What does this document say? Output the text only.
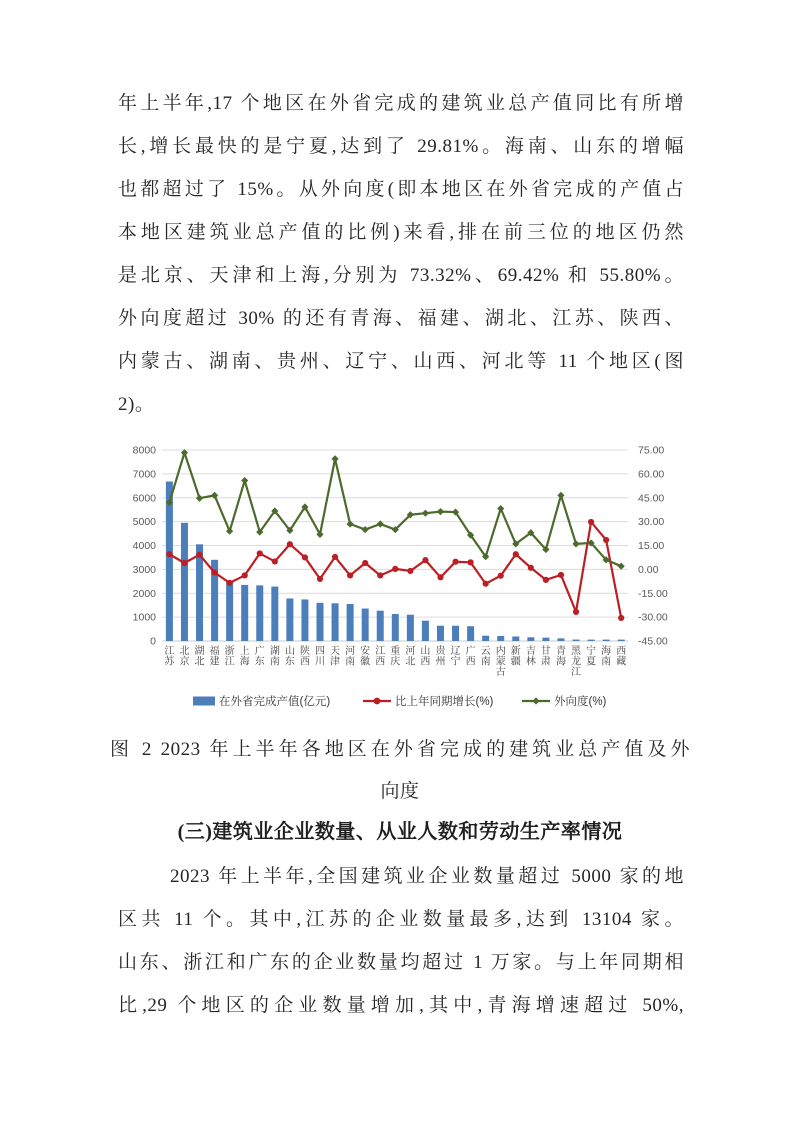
年上半年,17 个地区在外省完成的建筑业总产值同比有所增
长,增长最快的是宁夏,达到了 29.81%。海南、山东的增幅
也都超过了 15%。从外向度(即本地区在外省完成的产值占
本地区建筑业总产值的比例)来看,排在前三位的地区仍然
是北京、天津和上海,分别为 73.32%、69.42% 和 55.80%。
外向度超过 30% 的还有青海、福建、湖北、江苏、陕西、
内蒙古、湖南、贵州、辽宁、山西、河北等 11 个地区(图
2)。
0
1000
2000
3000
4000
5000
6000
7000
8000	75.00
60.00
45.00
30.00
15.00
0.00
-15.00
-30.00
-45.00
江苏
北京
湖北
福建
浙江
上海
广东
湖南
山东
陕西
四川
天津
河南
安徽
江西
重庆
河北
山西
贵州
辽宁
广西
云南
内蒙古
新疆
吉林
甘肃
青海
黑龙江
宁夏
海南
西藏
在外省完成产值(亿元)	比上年同期增长(%)	外向度(%)
图 2 2023 年上半年各地区在外省完成的建筑业总产值及外
向度
(三)建筑业企业数量、从业人数和劳动生产率情况
2023 年上半年,全国建筑业企业数量超过 5000 家的地
区共 11 个。其中,江苏的企业数量最多,达到 13104 家。
山东、浙江和广东的企业数量均超过 1 万家。与上年同期相
比,29 个地区的企业数量增加,其中,青海增速超过 50%,
